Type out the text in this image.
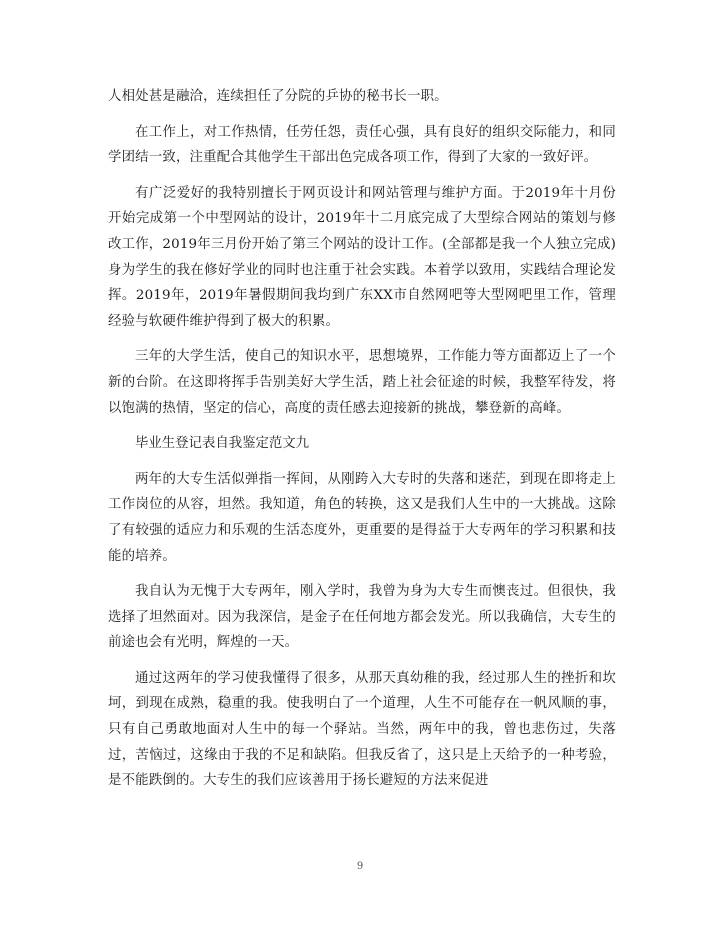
人相处甚是融洽，连续担任了分院的乒协的秘书长一职。

在工作上，对工作热情，任劳任怨，责任心强，具有良好的组织交际能力，和同学团结一致，注重配合其他学生干部出色完成各项工作，得到了大家的一致好评。

有广泛爱好的我特别擅长于网页设计和网站管理与维护方面。于2019年十月份开始完成第一个中型网站的设计，2019年十二月底完成了大型综合网站的策划与修改工作，2019年三月份开始了第三个网站的设计工作。(全部都是我一个人独立完成)身为学生的我在修好学业的同时也注重于社会实践。本着学以致用，实践结合理论发挥。2019年，2019年暑假期间我均到广东XX市自然网吧等大型网吧里工作，管理经验与软硬件维护得到了极大的积累。

三年的大学生活，使自己的知识水平，思想境界，工作能力等方面都迈上了一个新的台阶。在这即将挥手告别美好大学生活，踏上社会征途的时候，我整军待发，将以饱满的热情，坚定的信心，高度的责任感去迎接新的挑战，攀登新的高峰。

毕业生登记表自我鉴定范文九

两年的大专生活似弹指一挥间，从刚跨入大专时的失落和迷茫，到现在即将走上工作岗位的从容，坦然。我知道，角色的转换，这又是我们人生中的一大挑战。这除了有较强的适应力和乐观的生活态度外，更重要的是得益于大专两年的学习积累和技能的培养。

我自认为无愧于大专两年，刚入学时，我曾为身为大专生而懊丧过。但很快，我选择了坦然面对。因为我深信，是金子在任何地方都会发光。所以我确信，大专生的前途也会有光明，辉煌的一天。

通过这两年的学习使我懂得了很多，从那天真幼稚的我，经过那人生的挫折和坎坷，到现在成熟，稳重的我。使我明白了一个道理，人生不可能存在一帆风顺的事，只有自己勇敢地面对人生中的每一个驿站。当然，两年中的我，曾也悲伤过，失落过，苦恼过，这缘由于我的不足和缺陷。但我反省了，这只是上天给予的一种考验，是不能跌倒的。大专生的我们应该善用于扬长避短的方法来促进

9
